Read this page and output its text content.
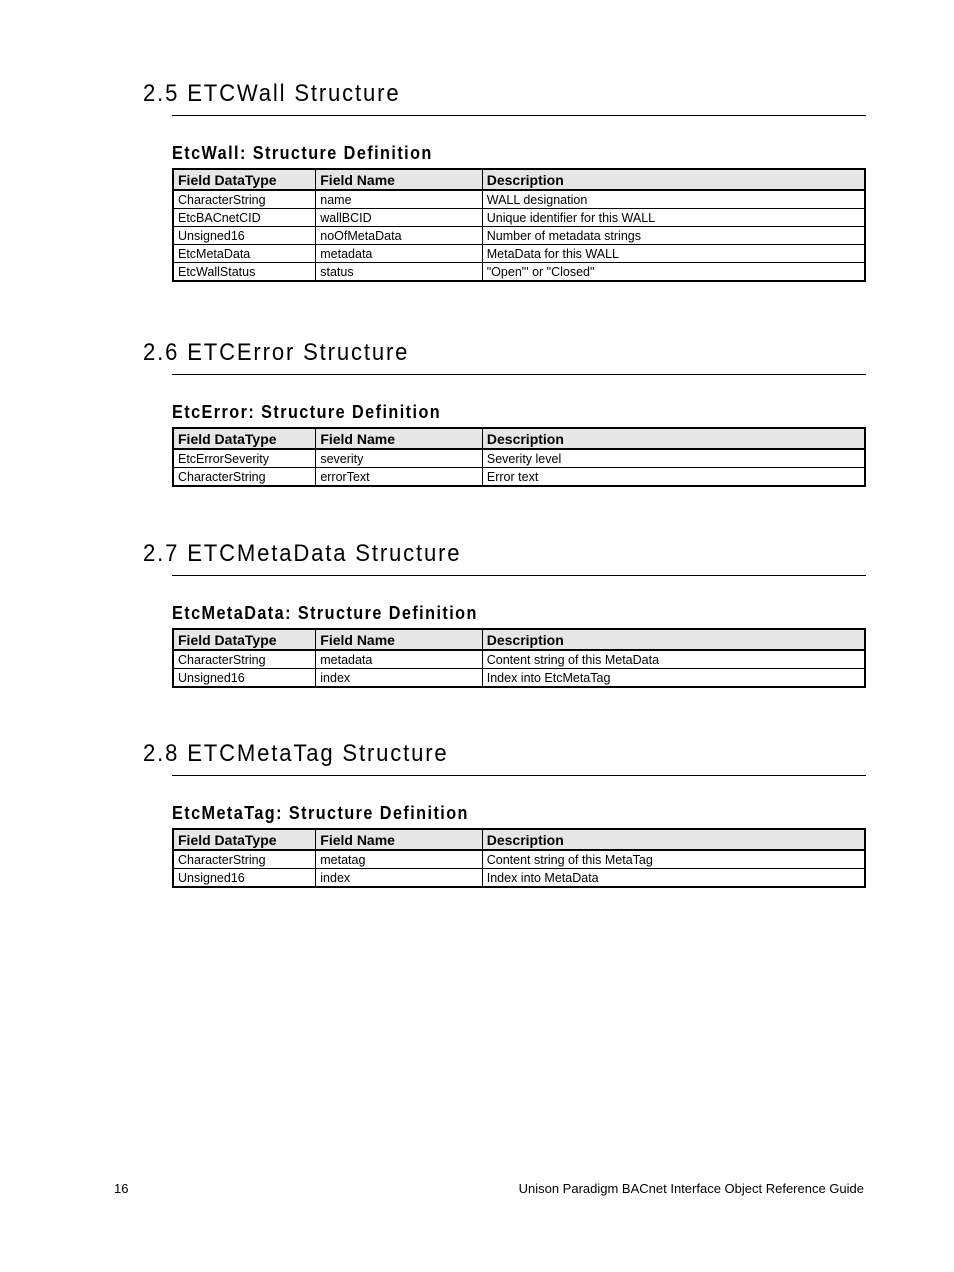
2.5 ETCWall Structure
EtcWall: Structure Definition
Field DataType	Field Name	Description
CharacterString	name	WALL designation
EtcBACnetCID	wallBCID	Unique identifier for this WALL
Unsigned16	noOfMetaData	Number of metadata strings
EtcMetaData	metadata	MetaData for this WALL
EtcWallStatus	status	"Open"' or "Closed"
2.6 ETCError Structure
EtcError: Structure Definition
Field DataType	Field Name	Description
EtcErrorSeverity	severity	Severity level
CharacterString	errorText	Error text
2.7 ETCMetaData Structure
EtcMetaData: Structure Definition
Field DataType	Field Name	Description
CharacterString	metadata	Content string of this MetaData
Unsigned16	index	Index into EtcMetaTag
2.8 ETCMetaTag Structure
EtcMetaTag: Structure Definition
Field DataType	Field Name	Description
CharacterString	metatag	Content string of this MetaTag
Unsigned16	index	Index into MetaData
16	Unison Paradigm BACnet Interface Object Reference Guide
